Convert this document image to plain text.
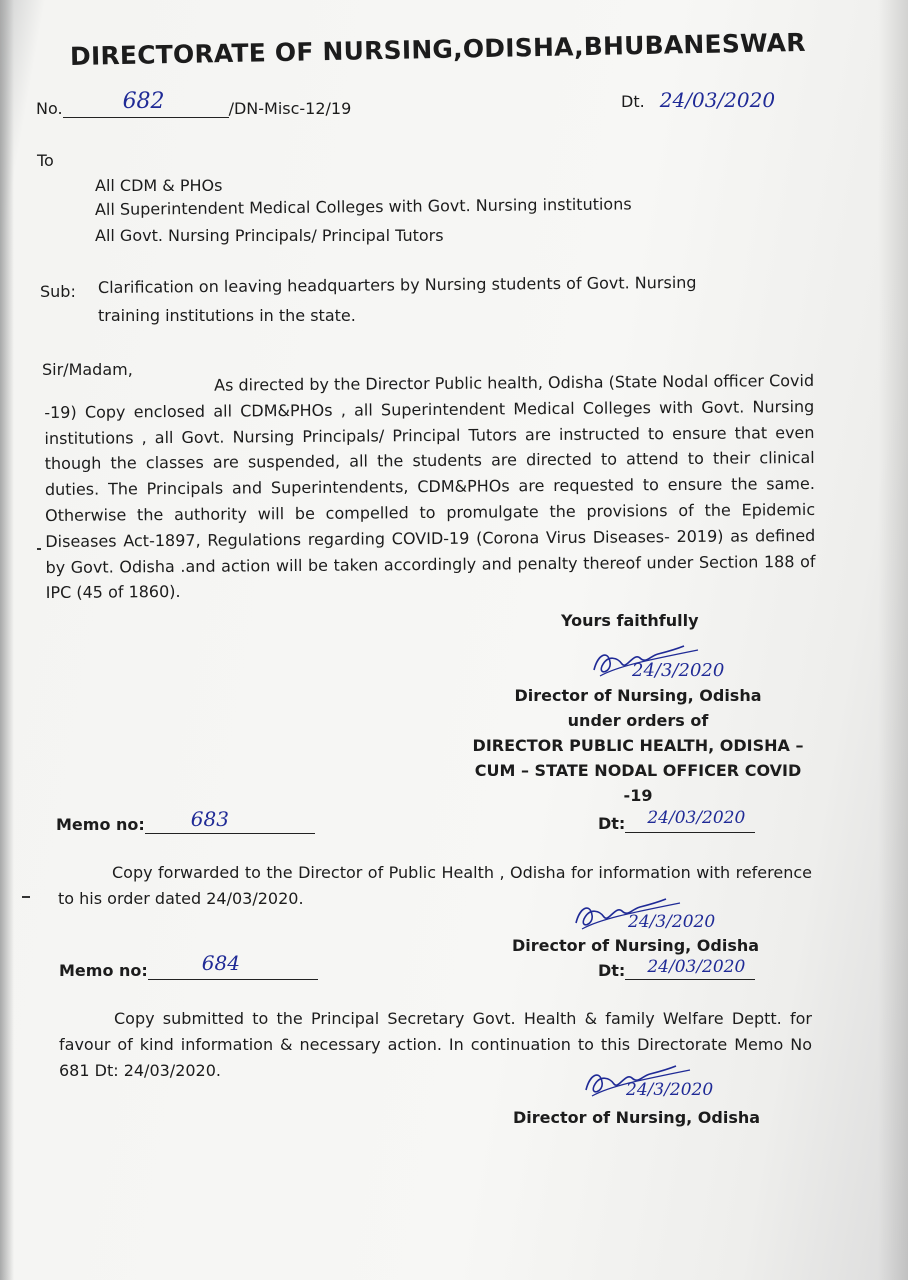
DIRECTORATE OF NURSING,ODISHA,BHUBANESWAR
No.	682	/DN-Misc-12/19	Dt. 24/03/2020
To
All CDM & PHOs
All Superintendent Medical Colleges with Govt. Nursing institutions
All Govt. Nursing Principals/ Principal Tutors
Sub: Clarification on leaving headquarters by Nursing students of Govt. Nursing
training institutions in the state.
Sir/Madam,
As directed by the Director Public health, Odisha (State Nodal officer Covid -19) Copy enclosed all CDM&PHOs , all Superintendent Medical Colleges with Govt. Nursing institutions , all Govt. Nursing Principals/ Principal Tutors are instructed to ensure that even though the classes are suspended, all the students are directed to attend to their clinical duties. The Principals and Superintendents, CDM&PHOs are requested to ensure the same. Otherwise the authority will be compelled to promulgate the provisions of the Epidemic Diseases Act-1897, Regulations regarding COVID-19 (Corona Virus Diseases- 2019) as defined by Govt. Odisha .and action will be taken accordingly and penalty thereof under Section 188 of IPC (45 of 1860).
Yours faithfully
24/3/2020
Director of Nursing, Odisha
under orders of
DIRECTOR PUBLIC HEALTH, ODISHA –
CUM – STATE NODAL OFFICER COVID -19
Memo no: 683	Dt: 24/03/2020
Copy forwarded to the Director of Public Health , Odisha for information with reference to his order dated 24/03/2020.
24/3/2020
Director of Nursing, Odisha
Memo no:	684	Dt: 24/03/2020
Copy submitted to the Principal Secretary Govt. Health & family Welfare Deptt. for favour of kind information & necessary action. In continuation to this Directorate Memo No 681 Dt: 24/03/2020.
24/3/2020
Director of Nursing, Odisha
